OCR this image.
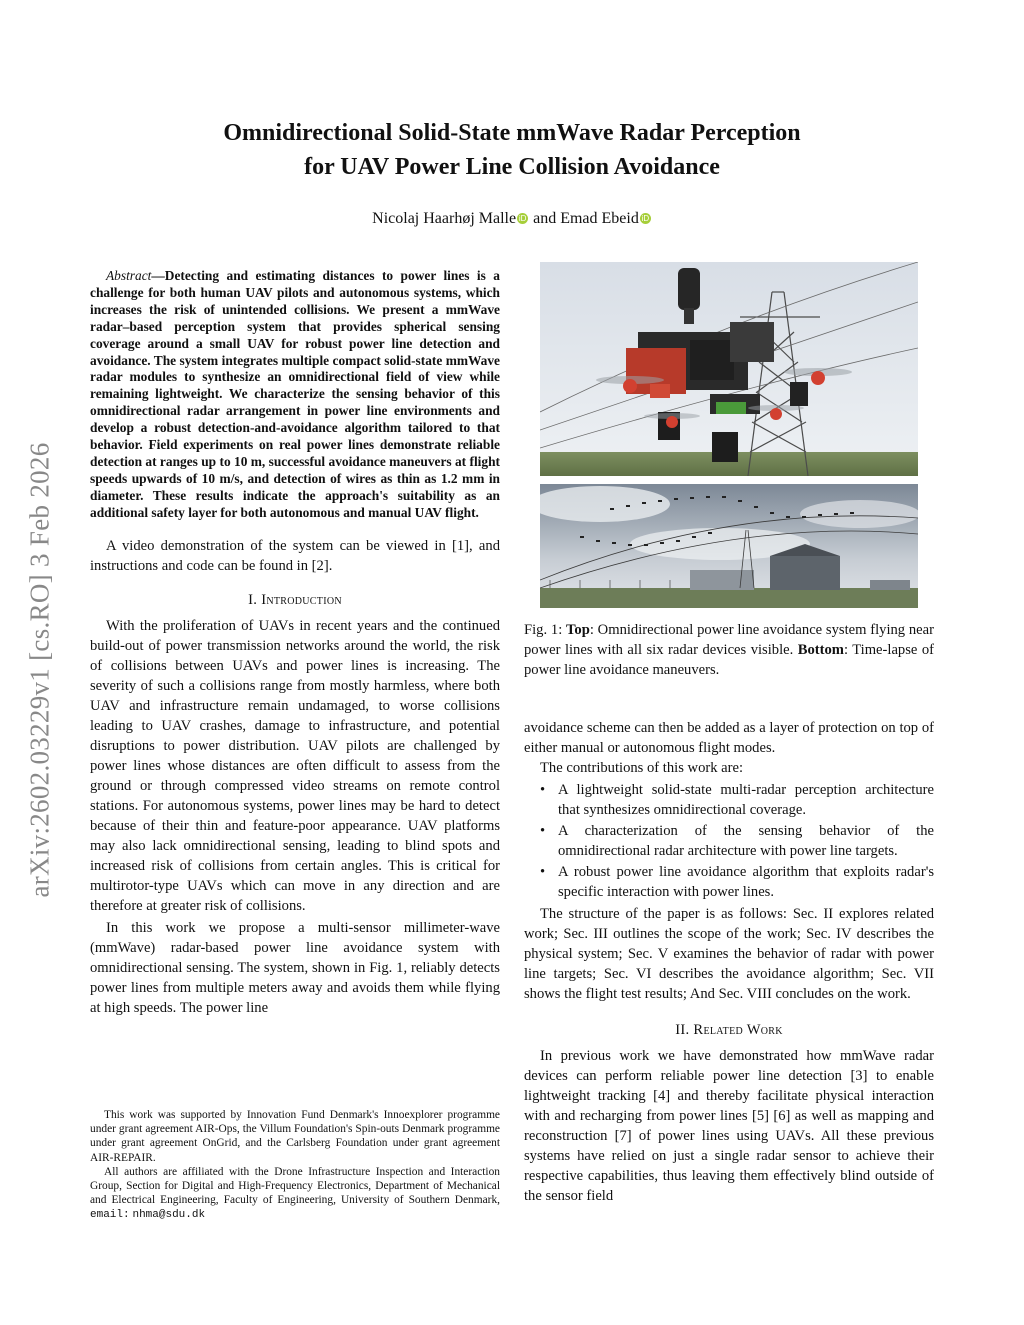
arXiv:2602.03229v1 [cs.RO] 3 Feb 2026
Omnidirectional Solid-State mmWave Radar Perception
for UAV Power Line Collision Avoidance
Nicolaj Haarhøj Malle iD and Emad Ebeid iD

Abstract—Detecting and estimating distances to power lines is a challenge for both human UAV pilots and autonomous systems, which increases the risk of unintended collisions. We present a mmWave radar–based perception system that provides spherical sensing coverage around a small UAV for robust power line detection and avoidance. The system integrates multiple compact solid-state mmWave radar modules to synthesize an omnidirectional field of view while remaining lightweight. We characterize the sensing behavior of this omnidirectional radar arrangement in power line environments and develop a robust detection-and-avoidance algorithm tailored to that behavior. Field experiments on real power lines demonstrate reliable detection at ranges up to 10 m, successful avoidance maneuvers at flight speeds upwards of 10 m/s, and detection of wires as thin as 1.2 mm in diameter. These results indicate the approach's suitability as an additional safety layer for both autonomous and manual UAV flight.

A video demonstration of the system can be viewed in [1], and instructions and code can be found in [2].

I. Introduction

With the proliferation of UAVs in recent years and the continued build-out of power transmission networks around the world, the risk of collisions between UAVs and power lines is increasing. The severity of such a collisions range from mostly harmless, where both UAV and infrastructure remain undamaged, to worse collisions leading to UAV crashes, damage to infrastructure, and potential disruptions to power distribution. UAV pilots are challenged by power lines whose distances are often difficult to assess from the ground or through compressed video streams on remote control stations. For autonomous systems, power lines may be hard to detect because of their thin and feature-poor appearance. UAV platforms may also lack omnidirectional sensing, leading to blind spots and increased risk of collisions from certain angles. This is critical for multirotor-type UAVs which can move in any direction and are therefore at greater risk of collisions.

In this work we propose a multi-sensor millimeter-wave (mmWave) radar-based power line avoidance system with omnidirectional sensing. The system, shown in Fig. 1, reliably detects power lines from multiple meters away and avoids them while flying at high speeds. The power line

This work was supported by Innovation Fund Denmark's Innoexplorer programme under grant agreement AIR-Ops, the Villum Foundation's Spin-outs Denmark programme under grant agreement OnGrid, and the Carlsberg Foundation under grant agreement AIR-REPAIR.

All authors are affiliated with the Drone Infrastructure Inspection and Interaction Group, Section for Digital and High-Frequency Electronics, Department of Mechanical and Electrical Engineering, Faculty of Engineering, University of Southern Denmark, email: nhma@sdu.dk

Fig. 1: Top: Omnidirectional power line avoidance system flying near power lines with all six radar devices visible. Bottom: Time-lapse of power line avoidance maneuvers.

avoidance scheme can then be added as a layer of protection on top of either manual or autonomous flight modes.

The contributions of this work are:

• A lightweight solid-state multi-radar perception architecture that synthesizes omnidirectional coverage.
• A characterization of the sensing behavior of the omnidirectional radar architecture with power line targets.
• A robust power line avoidance algorithm that exploits radar's specific interaction with power lines.

The structure of the paper is as follows: Sec. II explores related work; Sec. III outlines the scope of the work; Sec. IV describes the physical system; Sec. V examines the behavior of radar with power line targets; Sec. VI describes the avoidance algorithm; Sec. VII shows the flight test results; And Sec. VIII concludes on the work.

II. Related Work

In previous work we have demonstrated how mmWave radar devices can perform reliable power line detection [3] to enable lightweight tracking [4] and thereby facilitate physical interaction with and recharging from power lines [5] [6] as well as mapping and reconstruction [7] of power lines using UAVs. All these previous systems have relied on just a single radar sensor to achieve their respective capabilities, thus leaving them effectively blind outside of the sensor field
